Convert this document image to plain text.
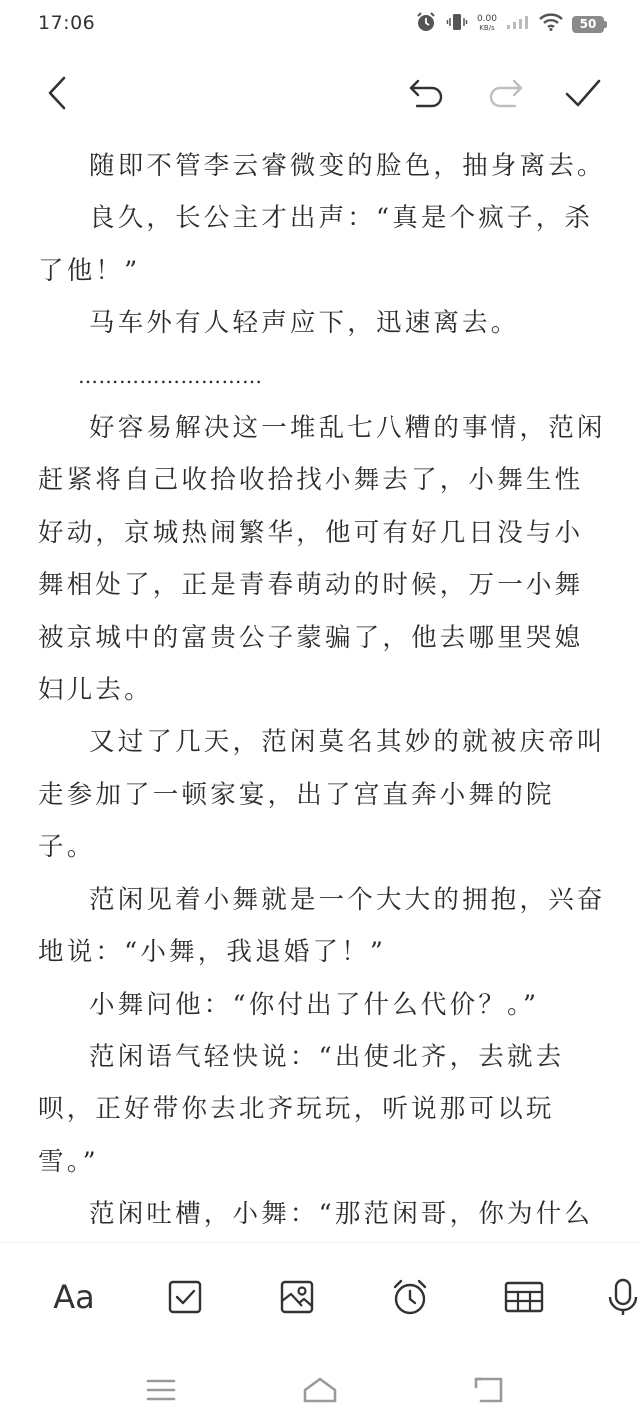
17:06	0.00
KB/s	50

随即不管李云睿微变的脸色，抽身离去。

良久，长公主才出声：“真是个疯子，杀了他！”

马车外有人轻声应下，迅速离去。

………………………

好容易解决这一堆乱七八糟的事情，范闲赶紧将自己收拾收拾找小舞去了，小舞生性好动，京城热闹繁华，他可有好几日没与小舞相处了，正是青春萌动的时候，万一小舞被京城中的富贵公子蒙骗了，他去哪里哭媳妇儿去。

又过了几天，范闲莫名其妙的就被庆帝叫走参加了一顿家宴，出了宫直奔小舞的院子。

范闲见着小舞就是一个大大的拥抱，兴奋地说：“小舞，我退婚了！”

小舞问他：“你付出了什么代价？。”

范闲语气轻快说：“出使北齐，去就去呗，正好带你去北齐玩玩，听说那可以玩雪。”

范闲吐槽，小舞：“那范闲哥，你为什么

Aa
